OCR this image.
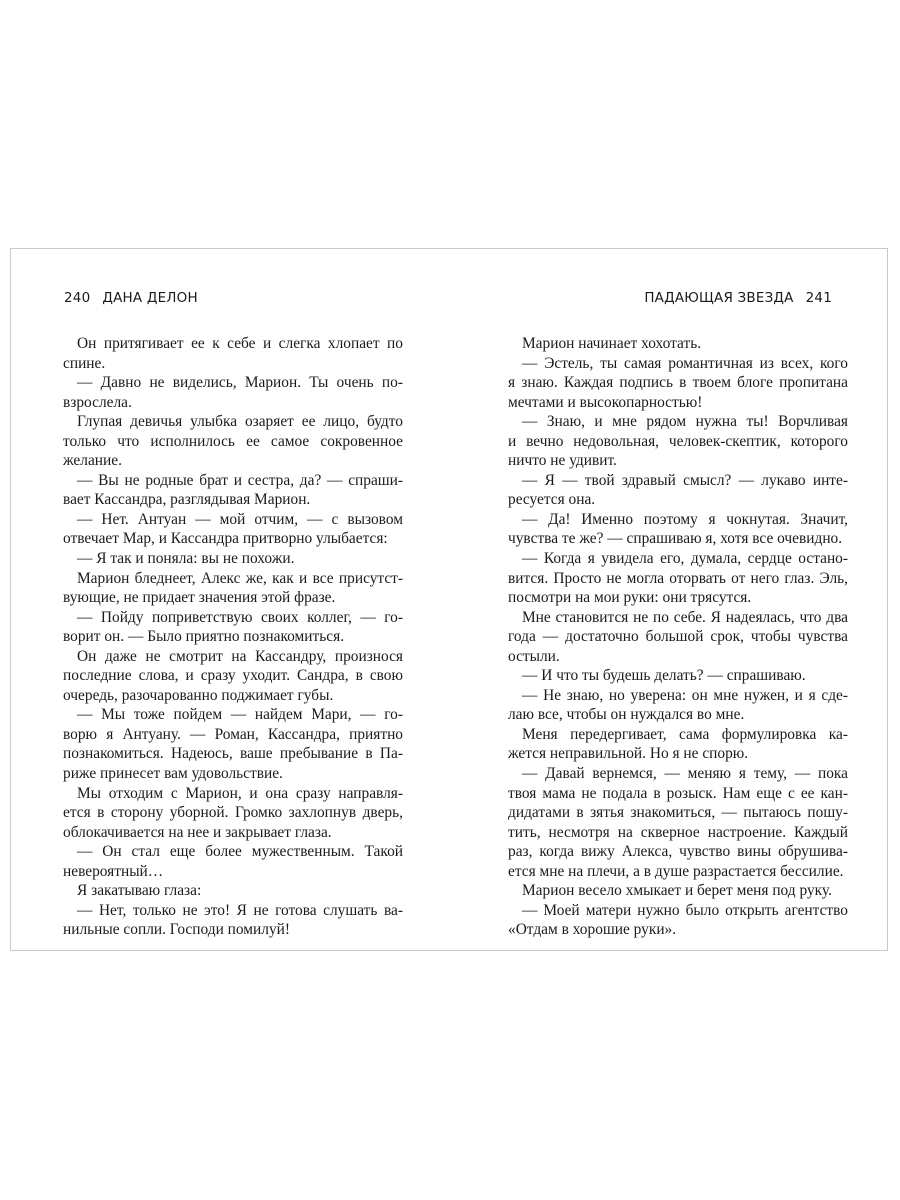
240 ДАНА ДЕЛОН
Он притягивает ее к себе и слегка хлопает по
спине.
— Давно не виделись, Марион. Ты очень по-
взрослела.
Глупая девичья улыбка озаряет ее лицо, будто
только что исполнилось ее самое сокровенное
желание.
— Вы не родные брат и сестра, да? — спраши-
вает Кассандра, разглядывая Марион.
— Нет. Антуан — мой отчим, — с вызовом
отвечает Мар, и Кассандра притворно улыбается:
— Я так и поняла: вы не похожи.
Марион бледнеет, Алекс же, как и все присутст-
вующие, не придает значения этой фразе.
— Пойду поприветствую своих коллег, — го-
ворит он. — Было приятно познакомиться.
Он даже не смотрит на Кассандру, произнося
последние слова, и сразу уходит. Сандра, в свою
очередь, разочарованно поджимает губы.
— Мы тоже пойдем — найдем Мари, — го-
ворю я Антуану. — Роман, Кассандра, приятно
познакомиться. Надеюсь, ваше пребывание в Па-
риже принесет вам удовольствие.
Мы отходим с Марион, и она сразу направля-
ется в сторону уборной. Громко захлопнув дверь,
облокачивается на нее и закрывает глаза.
— Он стал еще более мужественным. Такой
невероятный…
Я закатываю глаза:
— Нет, только не это! Я не готова слушать ва-
нильные сопли. Господи помилуй!
ПАДАЮЩАЯ ЗВЕЗДА 241
Марион начинает хохотать.
— Эстель, ты самая романтичная из всех, кого
я знаю. Каждая подпись в твоем блоге пропитана
мечтами и высокопарностью!
— Знаю, и мне рядом нужна ты! Ворчливая
и вечно недовольная, человек-скептик, которого
ничто не удивит.
— Я — твой здравый смысл? — лукаво инте-
ресуется она.
— Да! Именно поэтому я чокнутая. Значит,
чувства те же? — спрашиваю я, хотя все очевидно.
— Когда я увидела его, думала, сердце остано-
вится. Просто не могла оторвать от него глаз. Эль,
посмотри на мои руки: они трясутся.
Мне становится не по себе. Я надеялась, что два
года — достаточно большой срок, чтобы чувства
остыли.
— И что ты будешь делать? — спрашиваю.
— Не знаю, но уверена: он мне нужен, и я сде-
лаю все, чтобы он нуждался во мне.
Меня передергивает, сама формулировка ка-
жется неправильной. Но я не спорю.
— Давай вернемся, — меняю я тему, — пока
твоя мама не подала в розыск. Нам еще с ее кан-
дидатами в зятья знакомиться, — пытаюсь пошу-
тить, несмотря на скверное настроение. Каждый
раз, когда вижу Алекса, чувство вины обрушива-
ется мне на плечи, а в душе разрастается бессилие.
Марион весело хмыкает и берет меня под руку.
— Моей матери нужно было открыть агентство
«Отдам в хорошие руки».
